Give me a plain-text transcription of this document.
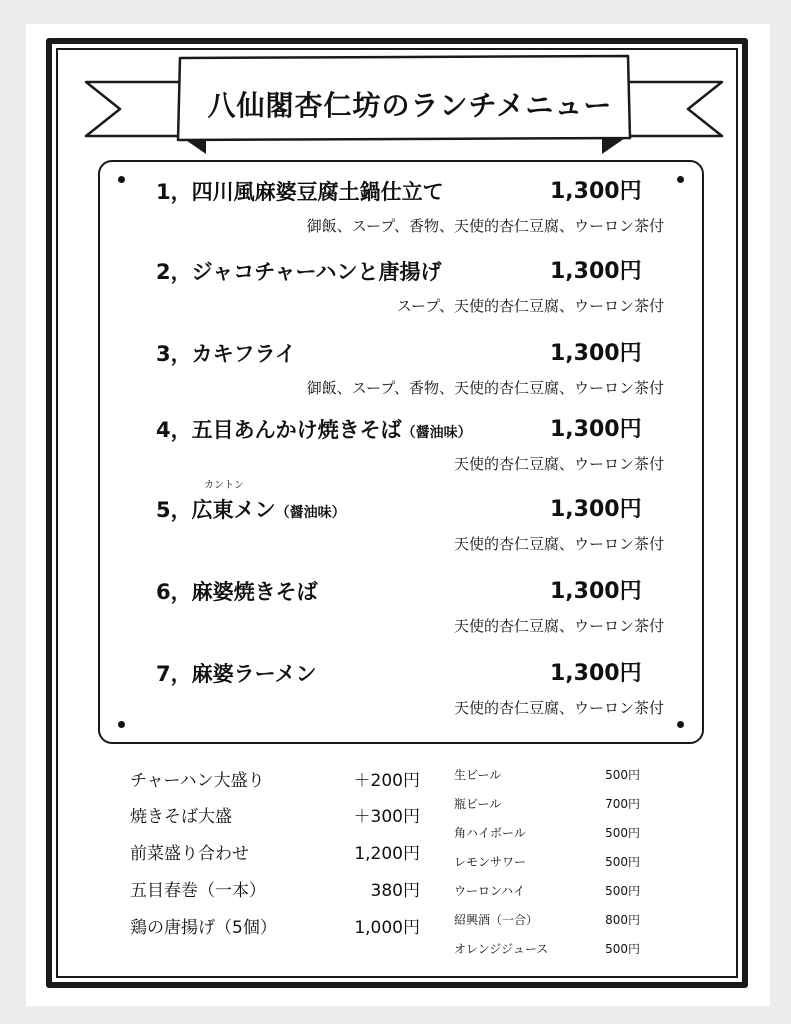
八仙閣杏仁坊のランチメニュー
1，四川風麻婆豆腐土鍋仕立て	1,300円
御飯、スープ、香物、天使的杏仁豆腐、ウーロン茶付
2，ジャコチャーハンと唐揚げ	1,300円
スープ、天使的杏仁豆腐、ウーロン茶付
3，カキフライ	1,300円
御飯、スープ、香物、天使的杏仁豆腐、ウーロン茶付
4，五目あんかけ焼きそば（醤油味）	1,300円
天使的杏仁豆腐、ウーロン茶付
カントン
5，広東メン（醤油味）	1,300円
天使的杏仁豆腐、ウーロン茶付
6，麻婆焼きそば	1,300円
天使的杏仁豆腐、ウーロン茶付
7，麻婆ラーメン	1,300円
天使的杏仁豆腐、ウーロン茶付
チャーハン大盛り	＋200円
焼きそば大盛	＋300円
前菜盛り合わせ	1,200円
五目春巻（一本）	380円
鶏の唐揚げ（5個）	1,000円
生ビール	500円
瓶ビール	700円
角ハイボール	500円
レモンサワー	500円
ウーロンハイ	500円
紹興酒（一合）	800円
オレンジジュース	500円
